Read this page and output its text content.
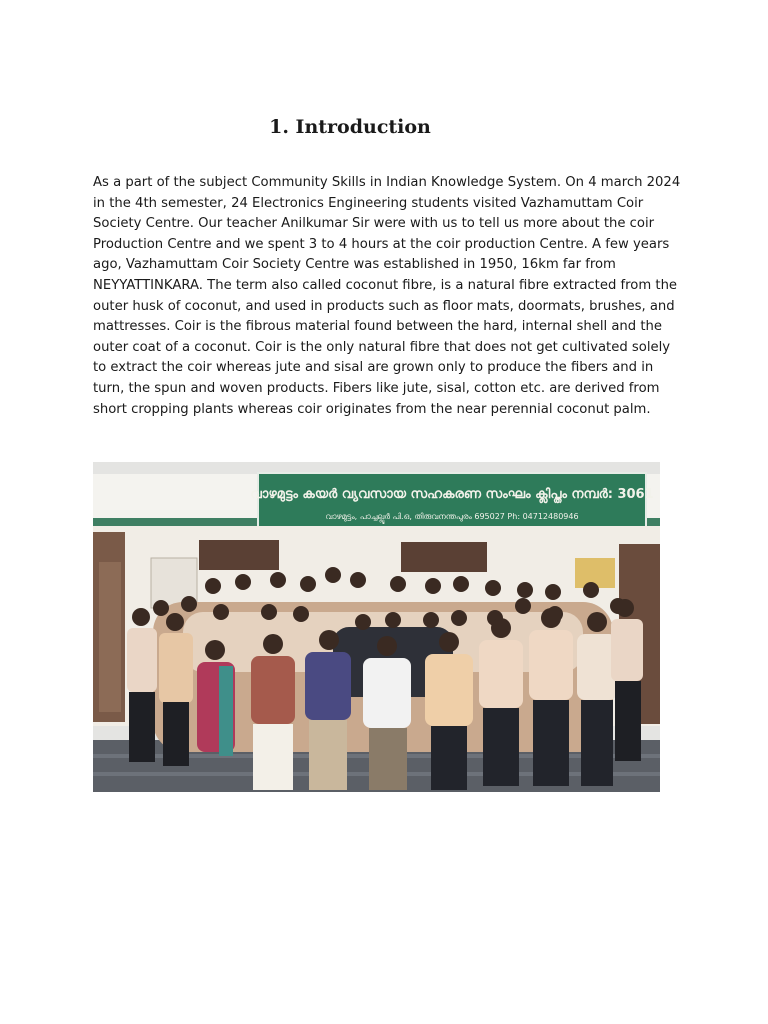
1. Introduction

As a part of the subject Community Skills in Indian Knowledge System. On 4 march 2024 in the 4th semester, 24 Electronics Engineering students visited Vazhamuttam Coir Society Centre. Our teacher Anilkumar Sir were with us to tell us more about the coir Production Centre and we spent 3 to 4 hours at the coir production Centre. A few years ago, Vazhamuttam Coir Society Centre was established in 1950, 16km far from NEYYATTINKARA. The term also called coconut fibre, is a natural fibre extracted from the outer husk of coconut, and used in products such as floor mats, doormats, brushes, and mattresses. Coir is the fibrous material found between the hard, internal shell and the outer coat of a coconut. Coir is the only natural fibre that does not get cultivated solely to extract the coir whereas jute and sisal are grown only to produce the fibers and in turn, the spun and woven products. Fibers like jute, sisal, cotton etc. are derived from short cropping plants whereas coir originates from the near perennial coconut palm.

വാഴമുട്ടം കയർ വ്യവസായ സഹകരണ സംഘം ക്ലിപ്തം നമ്പർ: 3061
വാഴമുട്ടം, പാച്ചല്ലൂർ പി.ഒ, തിരുവനന്തപുരം 695027 Ph: 04712480946
